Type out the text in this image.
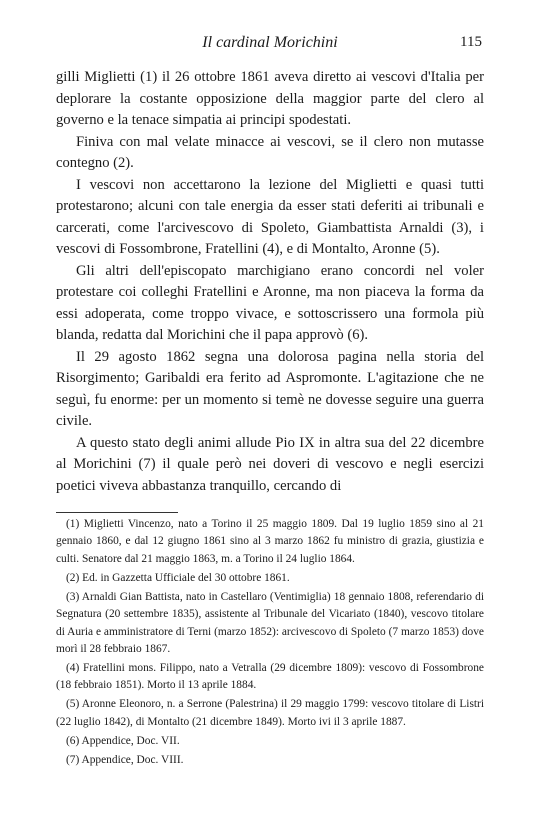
Il cardinal Morichini	115

gilli Miglietti (1) il 26 ottobre 1861 aveva diretto ai vescovi d'Italia per deplorare la costante opposizione della maggior parte del clero al governo e la tenace simpatia ai principi spodestati.

Finiva con mal velate minacce ai vescovi, se il clero non mutasse contegno (2).

I vescovi non accettarono la lezione del Miglietti e quasi tutti protestarono; alcuni con tale energia da esser stati deferiti ai tribunali e carcerati, come l'arcivescovo di Spoleto, Giambattista Arnaldi (3), i vescovi di Fossombrone, Fratellini (4), e di Montalto, Aronne (5).

Gli altri dell'episcopato marchigiano erano concordi nel voler protestare coi colleghi Fratellini e Aronne, ma non piaceva la forma da essi adoperata, come troppo vivace, e sottoscrissero una formola più blanda, redatta dal Morichini che il papa approvò (6).

Il 29 agosto 1862 segna una dolorosa pagina nella storia del Risorgimento; Garibaldi era ferito ad Aspromonte. L'agitazione che ne seguì, fu enorme: per un momento si temè ne dovesse seguire una guerra civile.

A questo stato degli animi allude Pio IX in altra sua del 22 dicembre al Morichini (7) il quale però nei doveri di vescovo e negli esercizi poetici viveva abbastanza tranquillo, cercando di

(1) Miglietti Vincenzo, nato a Torino il 25 maggio 1809. Dal 19 luglio 1859 sino al 21 gennaio 1860, e dal 12 giugno 1861 sino al 3 marzo 1862 fu ministro di grazia, giustizia e culti. Senatore dal 21 maggio 1863, m. a Torino il 24 luglio 1864.

(2) Ed. in Gazzetta Ufficiale del 30 ottobre 1861.

(3) Arnaldi Gian Battista, nato in Castellaro (Ventimiglia) 18 gennaio 1808, referendario di Segnatura (20 settembre 1835), assistente al Tribunale del Vicariato (1840), vescovo titolare di Auria e amministratore di Terni (marzo 1852): arcivescovo di Spoleto (7 marzo 1853) dove morì il 28 febbraio 1867.

(4) Fratellini mons. Filippo, nato a Vetralla (29 dicembre 1809): vescovo di Fossombrone (18 febbraio 1851). Morto il 13 aprile 1884.

(5) Aronne Eleonoro, n. a Serrone (Palestrina) il 29 maggio 1799: vescovo titolare di Listri (22 luglio 1842), di Montalto (21 dicembre 1849). Morto ivi il 3 aprile 1887.

(6) Appendice, Doc. VII.

(7) Appendice, Doc. VIII.
